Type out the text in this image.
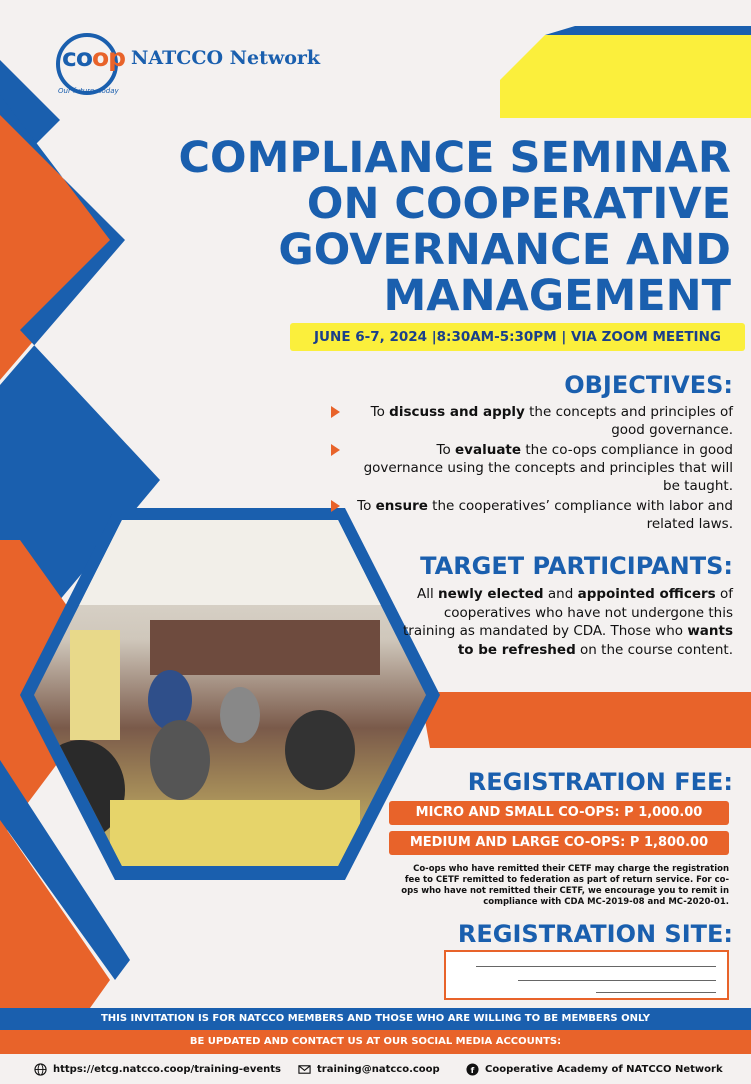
coop NATCCO Network
Our future, today
COMPLIANCE SEMINAR
ON COOPERATIVE
GOVERNANCE AND
MANAGEMENT
JUNE 6-7, 2024 |8:30AM-5:30PM | VIA ZOOM MEETING
OBJECTIVES:
To discuss and apply the concepts and principles of good governance.
To evaluate the co-ops compliance in good governance using the concepts and principles that will be taught.
To ensure the cooperatives’ compliance with labor and related laws.
TARGET PARTICIPANTS:
All newly elected and appointed officers of cooperatives who have not undergone this training as mandated by CDA. Those who wants to be refreshed on the course content.
REGISTRATION FEE:
MICRO AND SMALL CO-OPS: P 1,000.00
MEDIUM AND LARGE CO-OPS: P 1,800.00
Co-ops who have remitted their CETF may charge the registration fee to CETF remitted to federation as part of return service. For co-ops who have not remitted their CETF, we encourage you to remit in compliance with CDA MC-2019-08 and MC-2020-01.
REGISTRATION SITE:
THIS INVITATION IS FOR NATCCO MEMBERS AND THOSE WHO ARE WILLING TO BE MEMBERS ONLY
BE UPDATED AND CONTACT US AT OUR SOCIAL MEDIA ACCOUNTS:
https://etcg.natcco.coop/training-events	training@natcco.coop	f Cooperative Academy of NATCCO Network
